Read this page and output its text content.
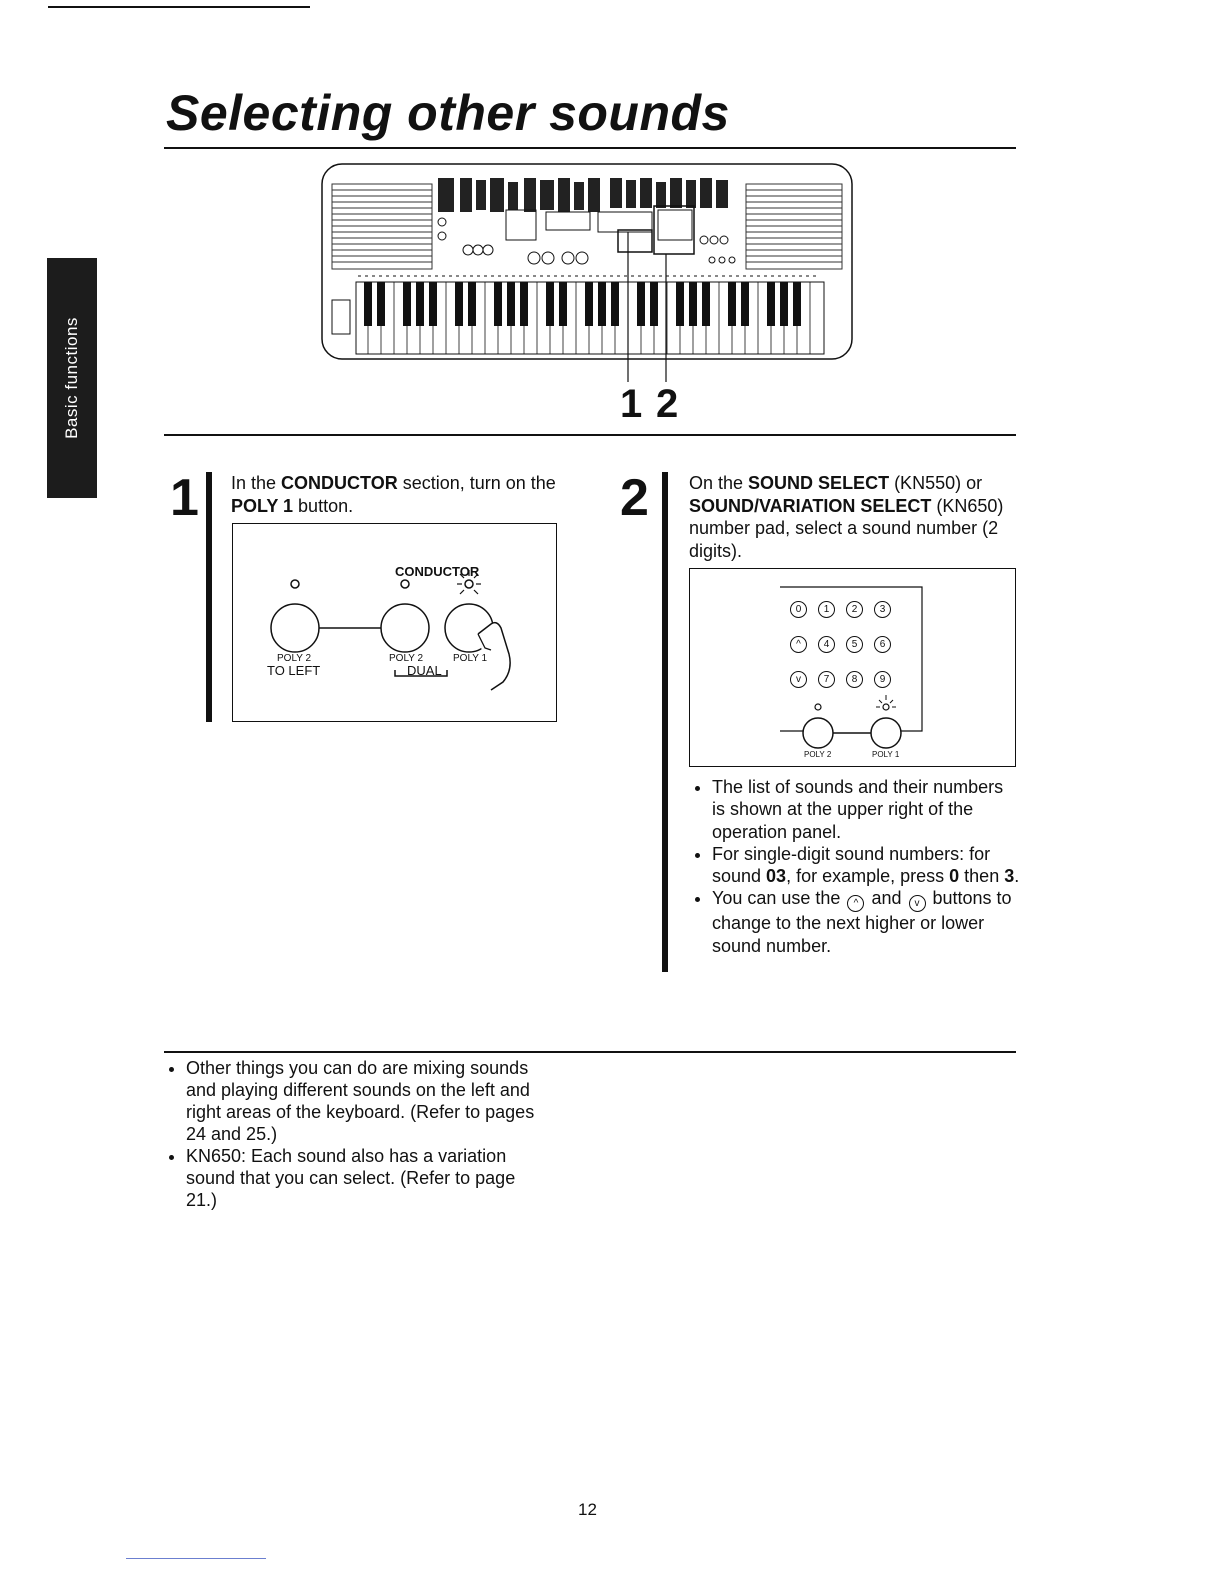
Selecting other sounds
Basic functions	1 2
1 In the CONDUCTOR section, turn on the POLY 1 button.
CONDUCTOR
POLY 2
TO LEFT
POLY 2	POLY 1
DUAL
2 On the SOUND SELECT (KN550) or SOUND/VARIATION SELECT (KN650) number pad, select a sound number (2 digits).
0 1 2 3
^ 4 5 6
v 7 8 9
POLY 2	POLY 1
• The list of sounds and their numbers is shown at the upper right of the operation panel.
• For single-digit sound numbers: for sound 03, for example, press 0 then 3.
• You can use the ^ and v buttons to change to the next higher or lower sound number.
• Other things you can do are mixing sounds and playing different sounds on the left and right areas of the keyboard. (Refer to pages 24 and 25.)
• KN650: Each sound also has a variation sound that you can select. (Refer to page 21.)
12
